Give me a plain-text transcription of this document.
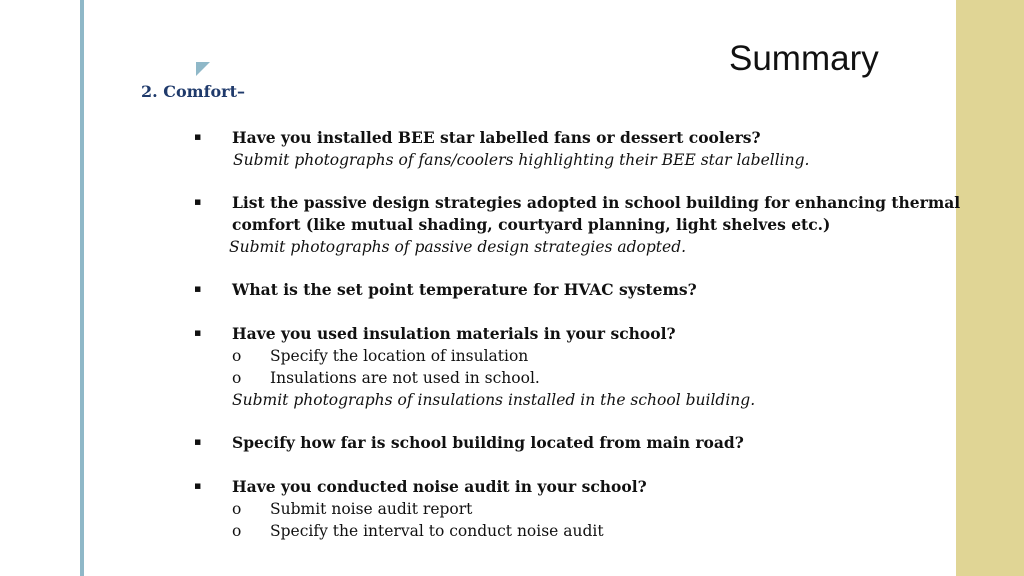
Summary
2. Comfort–
▪ Have you installed BEE star labelled fans or dessert coolers?
Submit photographs of fans/coolers highlighting their BEE star labelling.
▪ List the passive design strategies adopted in school building for enhancing thermal
comfort (like mutual shading, courtyard planning, light shelves etc.)
Submit photographs of passive design strategies adopted.
▪ What is the set point temperature for HVAC systems?
▪ Have you used insulation materials in your school?
o Specify the location of insulation
o Insulations are not used in school.
Submit photographs of insulations installed in the school building.
▪ Specify how far is school building located from main road?
▪ Have you conducted noise audit in your school?
o Submit noise audit report
o Specify the interval to conduct noise audit
